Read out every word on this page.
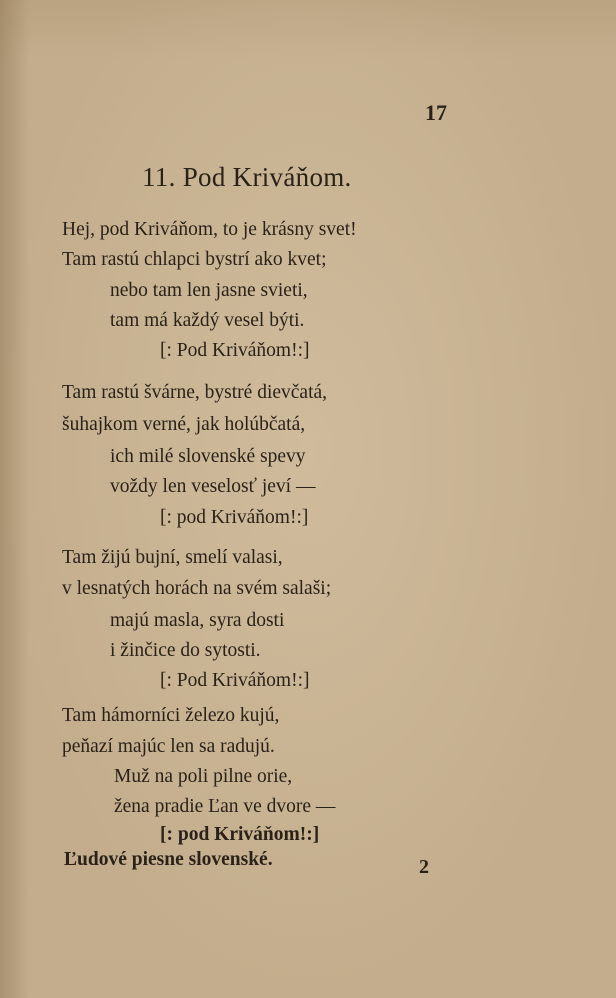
17
11. Pod Kriváňom.
Hej, pod Kriváňom, to je krásny svet!
Tam rastú chlapci bystrí ako kvet;
nebo tam len jasne svieti,
tam má každý vesel býti.
[: Pod Kriváňom!:]
Tam rastú švárne, bystré dievčatá,
šuhajkom verné, jak holúbčatá,
ich milé slovenské spevy
voždy len veselosť jeví —
[: pod Kriváňom!:]
Tam žijú bujní, smelí valasi,
v lesnatých horách na svém salaši;
majú masla, syra dosti
i žinčice do sytosti.
[: Pod Kriváňom!:]
Tam hámorníci železo kujú,
peňazí majúc len sa radujú.
Muž na poli pilne orie,
žena pradie Ľan ve dvore —
[: pod Kriváňom!:]
Ľudové piesne slovenské.	2
